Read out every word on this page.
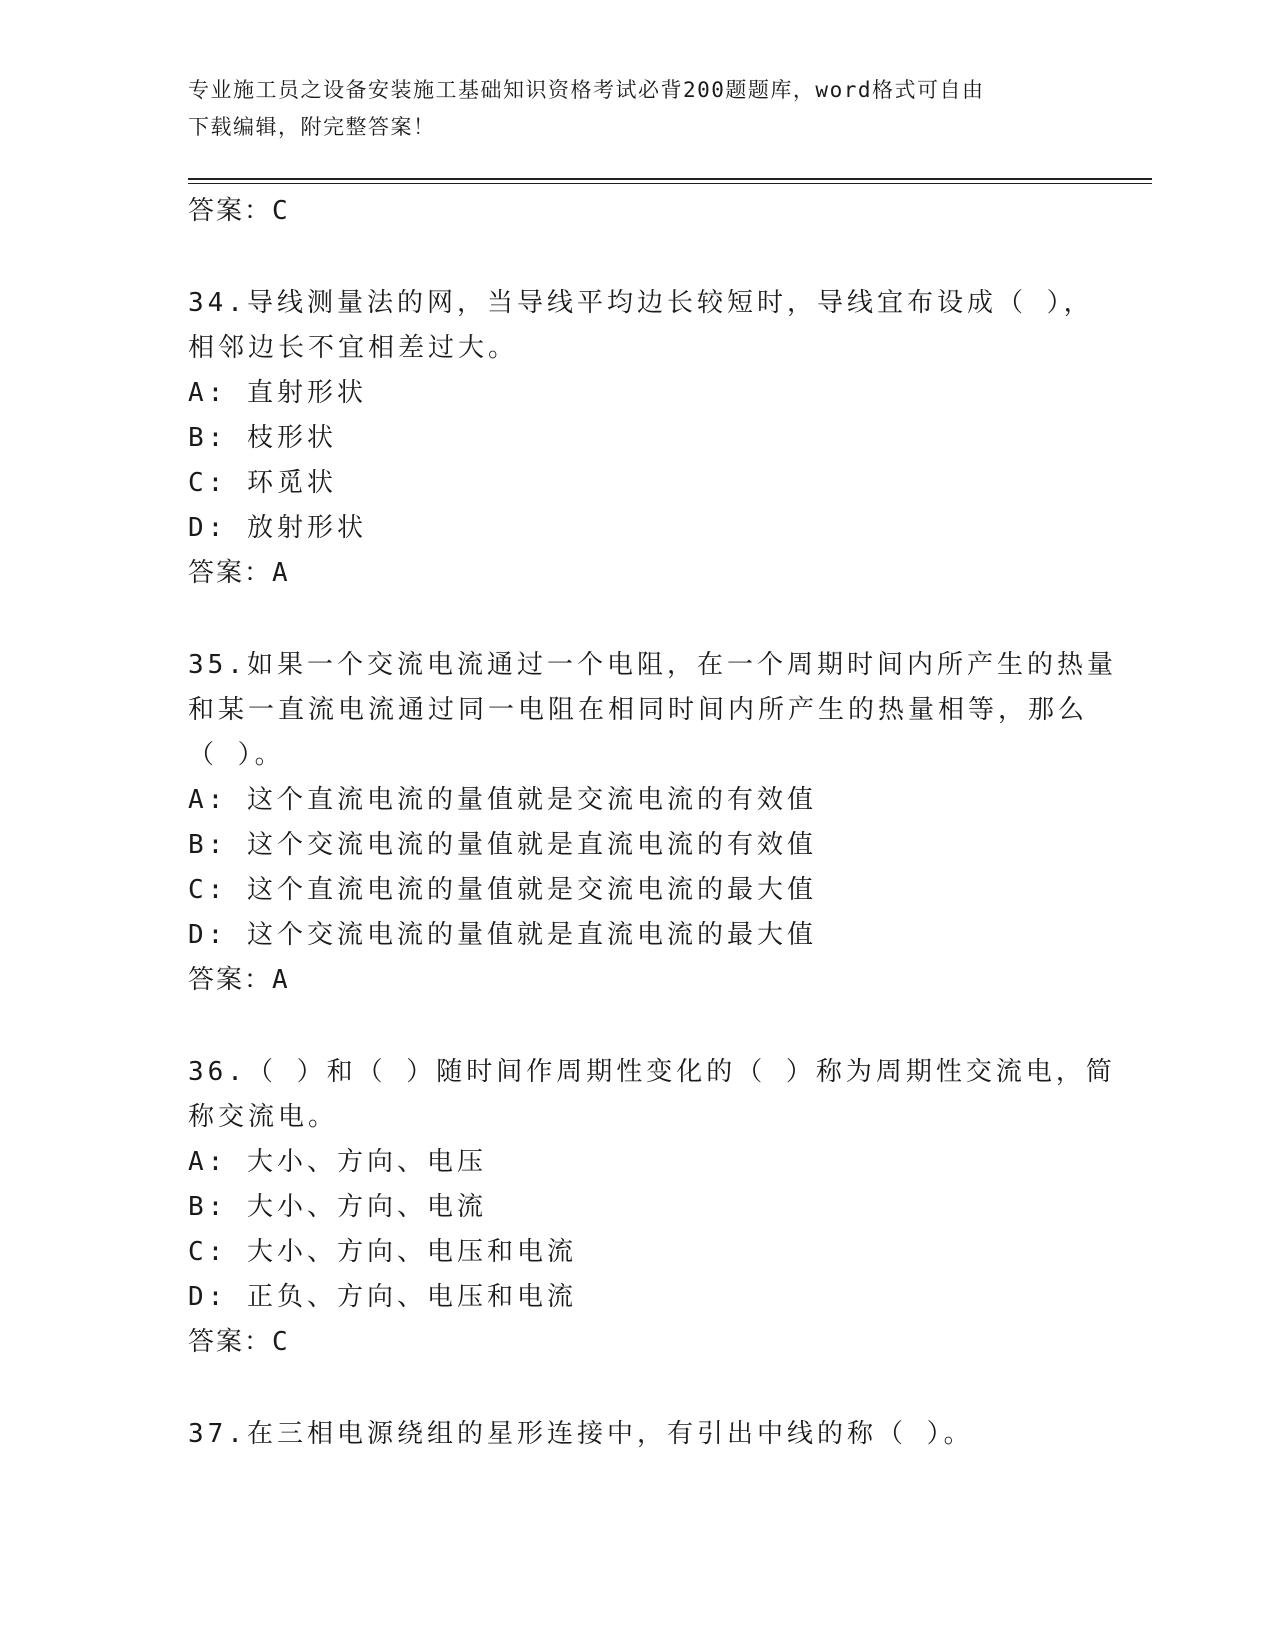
专业施工员之设备安装施工基础知识资格考试必背200题题库，word格式可自由
下载编辑，附完整答案！
答案：C
34.导线测量法的网，当导线平均边长较短时，导线宜布设成（ ），
相邻边长不宜相差过大。
A: 直射形状
B: 枝形状
C: 环觅状
D: 放射形状
答案：A
35.如果一个交流电流通过一个电阻，在一个周期时间内所产生的热量
和某一直流电流通过同一电阻在相同时间内所产生的热量相等，那么
（ ）。
A: 这个直流电流的量值就是交流电流的有效值
B: 这个交流电流的量值就是直流电流的有效值
C: 这个直流电流的量值就是交流电流的最大值
D: 这个交流电流的量值就是直流电流的最大值
答案：A
36.（ ）和（ ）随时间作周期性变化的（ ）称为周期性交流电，简
称交流电。
A: 大小、方向、电压
B: 大小、方向、电流
C: 大小、方向、电压和电流
D: 正负、方向、电压和电流
答案：C
37.在三相电源绕组的星形连接中，有引出中线的称（ ）。
